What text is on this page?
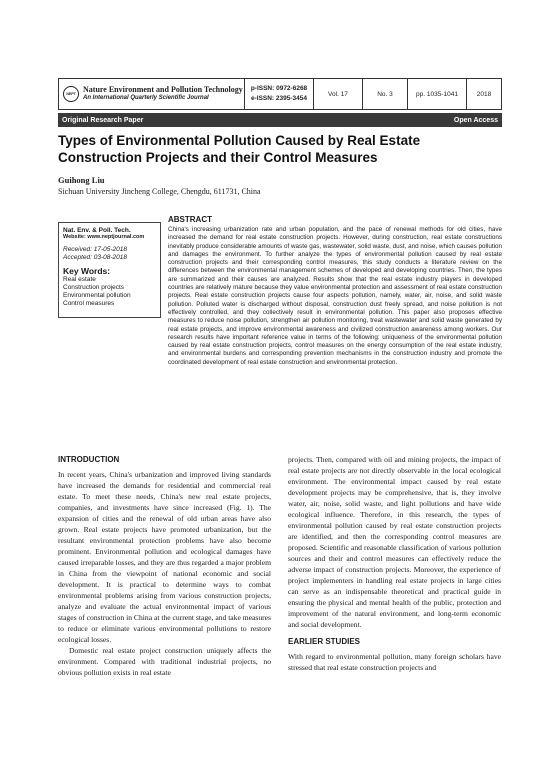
NEPT Nature Environment and Pollution Technology
An International Quarterly Scientific Journal
p-ISSN: 0972-6268
e-ISSN: 2395-3454
Vol. 17	No. 3	pp. 1035-1041	2018
Original Research Paper	Open Access
Types of Environmental Pollution Caused by Real Estate Construction Projects and their Control Measures
Guihong Liu
Sichuan University Jincheng College, Chengdu, 611731, China
Nat. Env. & Poll. Tech.
Website: www.neptjournal.com
Received: 17-05-2018
Accepted: 03-08-2018
Key Words:
Real estate
Construction projects
Environmental pollution
Control measures
ABSTRACT

China's increasing urbanization rate and urban population, and the pace of renewal methods for old cities, have increased the demand for real estate construction projects. However, during construction, real estate constructions inevitably produce considerable amounts of waste gas, wastewater, solid waste, dust, and noise, which causes pollution and damages the environment. To further analyze the types of environmental pollution caused by real estate construction projects and their corresponding control measures, this study conducts a literature review on the differences between the environmental management schemes of developed and developing countries. Then, the types are summarized and their causes are analyzed. Results show that the real estate industry players in developed countries are relatively mature because they value environmental protection and assessment of real estate construction projects. Real estate construction projects cause four aspects pollution, namely, water, air, noise, and solid waste pollution. Polluted water is discharged without disposal, construction dust freely spread, and noise pollution is not effectively controlled, and they collectively result in environmental pollution. This paper also proposes effective measures to reduce noise pollution, strengthen air pollution monitoring, treat wastewater and solid waste generated by real estate projects, and improve environmental awareness and civilized construction awareness among workers. Our research results have important reference value in terms of the following: uniqueness of the environmental pollution caused by real estate construction projects, control measures on the energy consumption of the real estate industry, and environmental burdens and corresponding prevention mechanisms in the construction industry and promote the coordinated development of real estate construction and environmental protection.

INTRODUCTION

In recent years, China's urbanization and improved living standards have increased the demands for residential and commercial real estate. To meet these needs, China's new real estate projects, companies, and investments have since increased (Fig. 1). The expansion of cities and the renewal of old urban areas have also grown. Real estate projects have promoted urbanization, but the resultant environmental protection problems have also become prominent. Environmental pollution and ecological damages have caused irreparable losses, and they are thus regarded a major problem in China from the viewpoint of national economic and social development. It is practical to determine ways to combat environmental problems arising from various construction projects, analyze and evaluate the actual environmental impact of various stages of construction in China at the current stage, and take measures to reduce or eliminate various environmental pollutions to restore ecological losses.

Domestic real estate project construction uniquely affects the environment. Compared with traditional industrial projects, no obvious pollution exists in real estate

projects. Then, compared with oil and mining projects, the impact of real estate projects are not directly observable in the local ecological environment. The environmental impact caused by real estate development projects may be comprehensive, that is, they involve water, air, noise, solid waste, and light pollutions and have wide ecological influence. Therefore, in this research, the types of environmental pollution caused by real estate construction projects are identified, and then the corresponding control measures are proposed. Scientific and reasonable classification of various pollution sources and their and control measures can effectively reduce the adverse impact of construction projects. Moreover, the experience of project implementers in handling real estate projects in large cities can serve as an indispensable theoretical and practical guide in ensuring the physical and mental health of the public, protection and improvement of the natural environment, and long-term economic and social development.

EARLIER STUDIES

With regard to environmental pollution, many foreign scholars have stressed that real estate construction projects and
